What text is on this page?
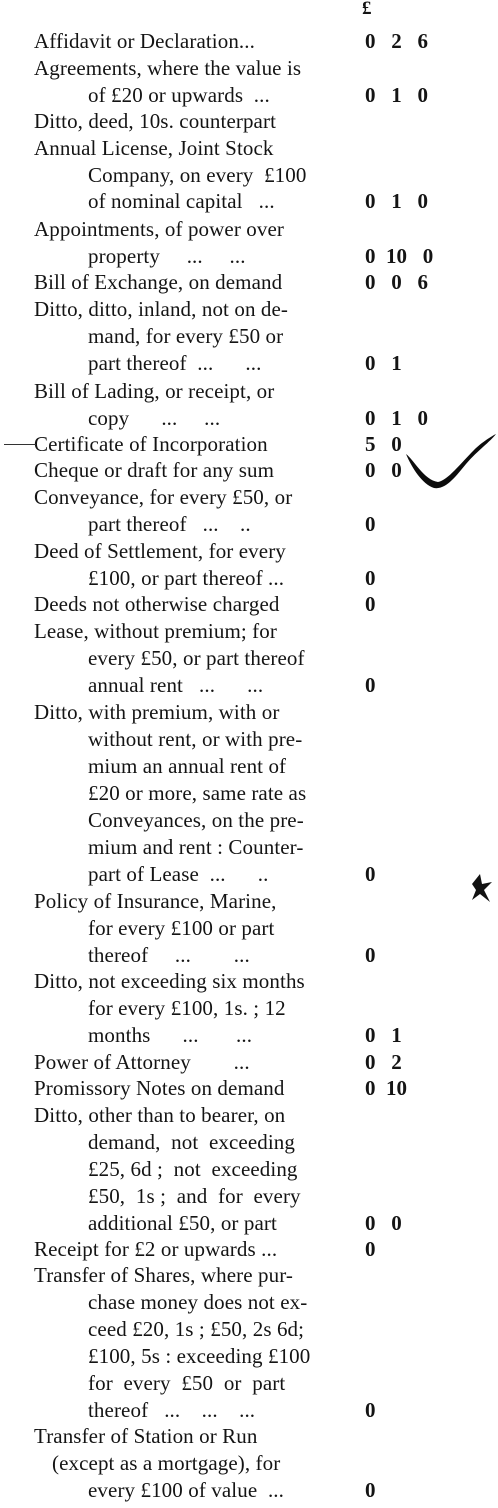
£
Affidavit or Declaration...
Agreements, where the value is
of £20 or upwards  ...
Ditto, deed, 10s. counterpart
Annual License, Joint Stock
Company, on every  £100
of nominal capital   ...
Appointments, of power over
property     ...     ...
Bill of Exchange, on demand
Ditto, ditto, inland, not on de-
mand, for every £50 or
part thereof  ...      ...
Bill of Lading, or receipt, or
copy      ...     ...
Certificate of Incorporation
Cheque or draft for any sum
Conveyance, for every £50, or
part thereof   ...    ..
Deed of Settlement, for every
£100, or part thereof ...
Deeds not otherwise charged
Lease, without premium; for
every £50, or part thereof
annual rent   ...      ...
Ditto, with premium, with or
without rent, or with pre-
mium an annual rent of
£20 or more, same rate as
Conveyances, on the pre-
mium and rent : Counter-
part of Lease  ...      ..
Policy of Insurance, Marine,
for every £100 or part
thereof     ...        ...
Ditto, not exceeding six months
for every £100, 1s. ; 12
months      ...       ...
Power of Attorney        ...
Promissory Notes on demand
Ditto, other than to bearer, on
demand,  not  exceeding
£25, 6d ;  not  exceeding
£50,  1s ;  and  for  every
additional £50, or part
Receipt for £2 or upwards ...
Transfer of Shares, where pur-
chase money does not ex-
ceed £20, 1s ; £50, 2s 6d;
£100, 5s : exceeding £100
for  every  £50  or  part
thereof   ...    ...    ...
Transfer of Station or Run
(except as a mortgage), for
every £100 of value  ...
0   2   6
0   1   0
0   1   0
0  10   0
0   0   6
0   1
0   1   0
5   0
0   0
0
0
0
0
0
0
0   1
0   2
0  10
0   0
0
0
0
